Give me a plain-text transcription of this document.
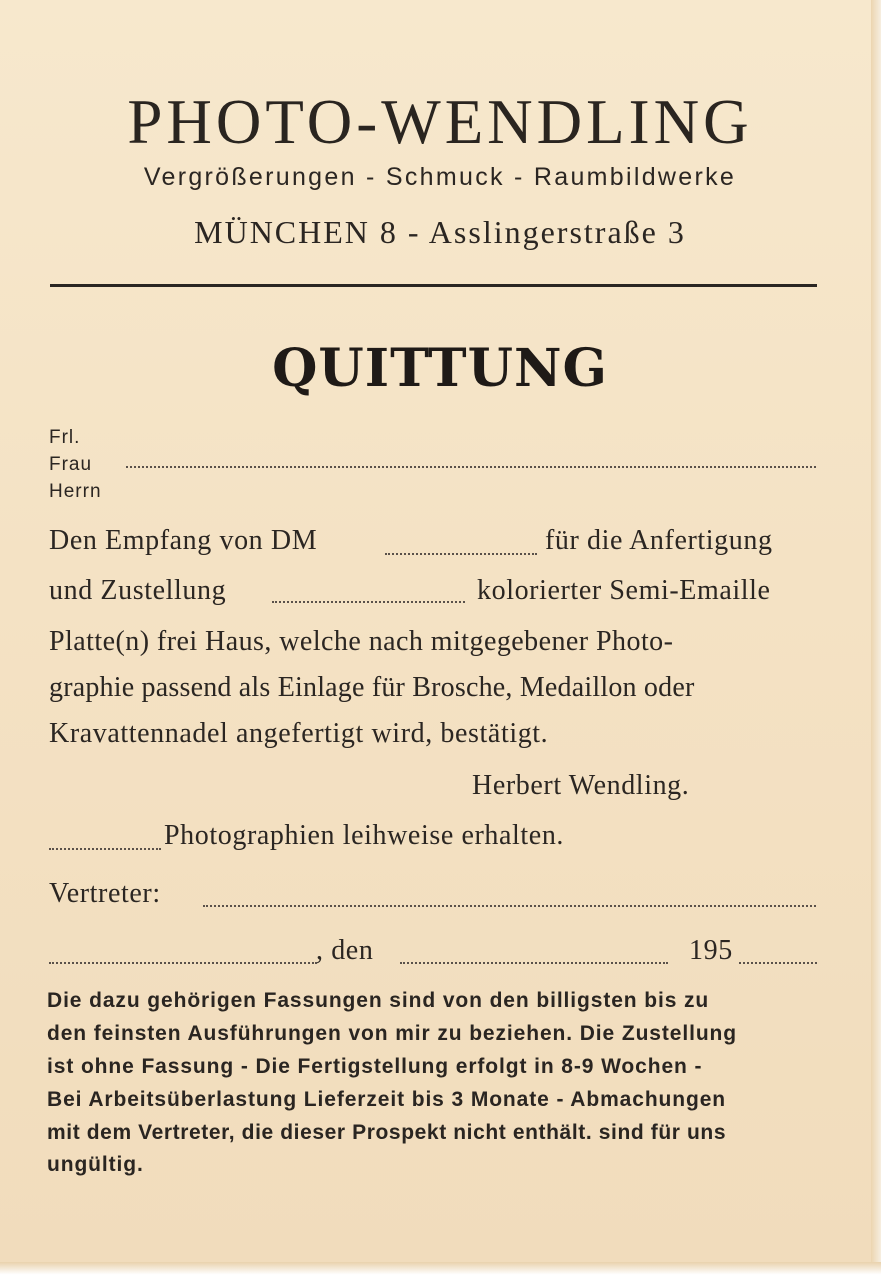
PHOTO-WENDLING
Vergrößerungen - Schmuck - Raumbildwerke
MÜNCHEN 8 - Asslingerstraße 3
QUITTUNG
Frl.
Frau
Herrn
Den Empfang von DM	für die Anfertigung
und Zustellung	kolorierter Semi-Emaille
Platte(n) frei Haus, welche nach mitgegebener Photo-
graphie passend als Einlage für Brosche, Medaillon oder
Kravattennadel angefertigt wird, bestätigt.
Herbert Wendling.
Photographien leihweise erhalten.
Vertreter:
, den	195
Die dazu gehörigen Fassungen sind von den billigsten bis zu
den feinsten Ausführungen von mir zu beziehen. Die Zustellung
ist ohne Fassung - Die Fertigstellung erfolgt in 8-9 Wochen -
Bei Arbeitsüberlastung Lieferzeit bis 3 Monate - Abmachungen
mit dem Vertreter, die dieser Prospekt nicht enthält. sind für uns
ungültig.
